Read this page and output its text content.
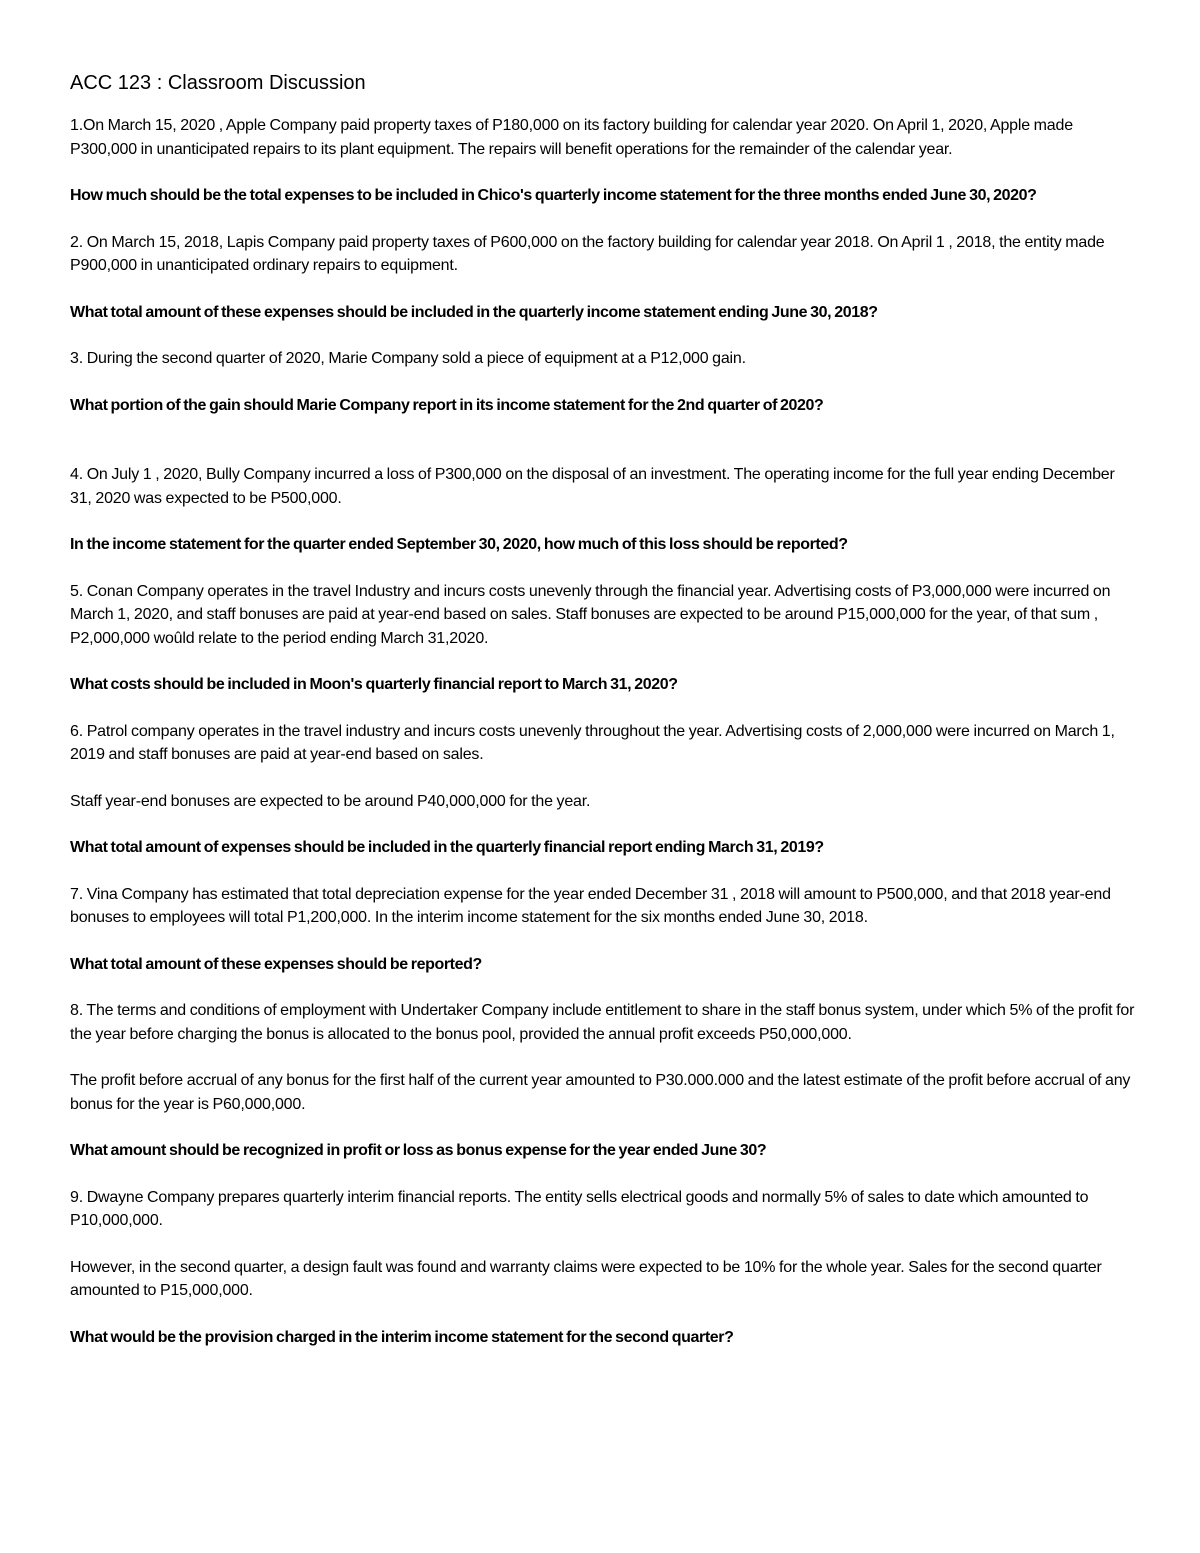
ACC 123 : Classroom Discussion

1.On March 15, 2020 , Apple Company paid property taxes of P180,000 on its factory building for calendar year 2020. On April 1, 2020, Apple made P300,000 in unanticipated repairs to its plant equipment. The repairs will benefit operations for the remainder of the calendar year.

How much should be the total expenses to be included in Chico's quarterly income statement for the three months ended June 30, 2020?

2. On March 15, 2018, Lapis Company paid property taxes of P600,000 on the factory building for calendar year 2018. On April 1 , 2018, the entity made P900,000 in unanticipated ordinary repairs to equipment.

What total amount of these expenses should be included in the quarterly income statement ending June 30, 2018?

3. During the second quarter of 2020, Marie Company sold a piece of equipment at a P12,000 gain.

What portion of the gain should Marie Company report in its income statement for the 2nd quarter of 2020?

4. On July 1 , 2020, Bully Company incurred a loss of P300,000 on the disposal of an investment. The operating income for the full year ending December 31, 2020 was expected to be P500,000.

In the income statement for the quarter ended September 30, 2020, how much of this loss should be reported?

5. Conan Company operates in the travel Industry and incurs costs unevenly through the financial year. Advertising costs of P3,000,000 were incurred on March 1, 2020, and staff bonuses are paid at year-end based on sales. Staff bonuses are expected to be around P15,000,000 for the year, of that sum , P2,000,000 woûld relate to the period ending March 31,2020.

What costs should be included in Moon's quarterly financial report to March 31, 2020?

6. Patrol company operates in the travel industry and incurs costs unevenly throughout the year. Advertising costs of 2,000,000 were incurred on March 1, 2019 and staff bonuses are paid at year-end based on sales.

Staff year-end bonuses are expected to be around P40,000,000 for the year.

What total amount of expenses should be included in the quarterly financial report ending March 31, 2019?

7. Vina Company has estimated that total depreciation expense for the year ended December 31 , 2018 will amount to P500,000, and that 2018 year-end bonuses to employees will total P1,200,000. In the interim income statement for the six months ended June 30, 2018.

What total amount of these expenses should be reported?

8. The terms and conditions of employment with Undertaker Company include entitlement to share in the staff bonus system, under which 5% of the profit for the year before charging the bonus is allocated to the bonus pool, provided the annual profit exceeds P50,000,000.

The profit before accrual of any bonus for the first half of the current year amounted to P30.000.000 and the latest estimate of the profit before accrual of any bonus for the year is P60,000,000.

What amount should be recognized in profit or loss as bonus expense for the year ended June 30?

9. Dwayne Company prepares quarterly interim financial reports. The entity sells electrical goods and normally 5% of sales to date which amounted to P10,000,000.

However, in the second quarter, a design fault was found and warranty claims were expected to be 10% for the whole year. Sales for the second quarter amounted to P15,000,000.

What would be the provision charged in the interim income statement for the second quarter?
